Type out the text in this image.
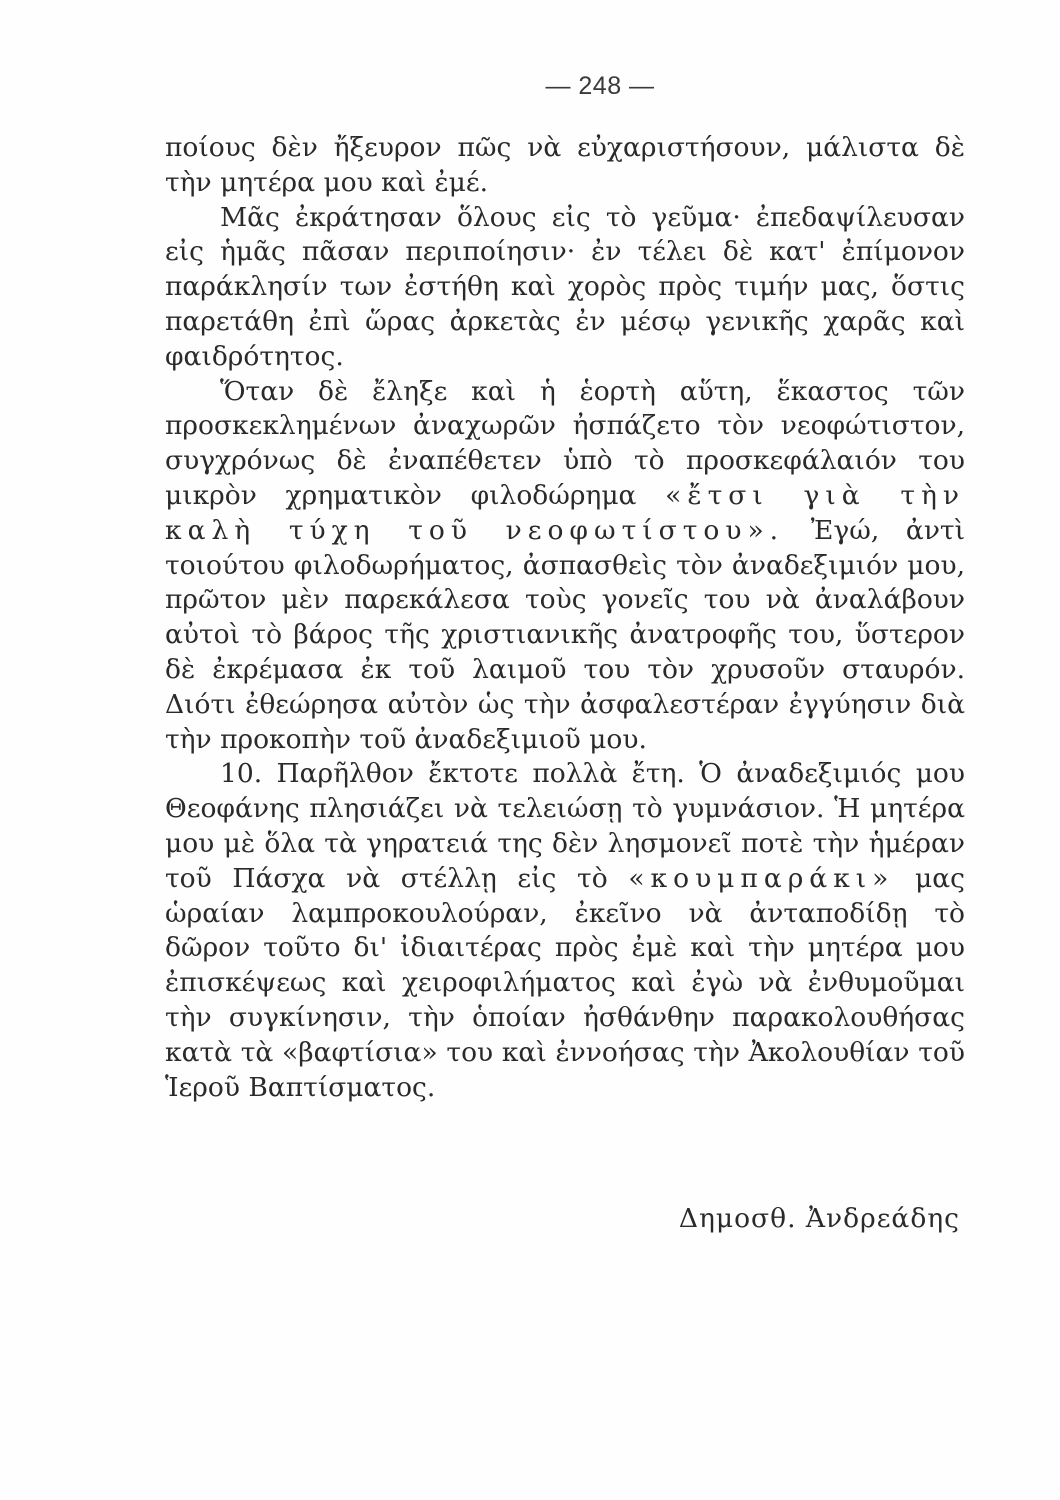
— 248 —

ποίους δὲν ἤξευρον πῶς νὰ εὐχαριστήσουν, μάλιστα δὲ τὴν μητέρα μου καὶ ἐμέ.

Μᾶς ἐκράτησαν ὅλους εἰς τὸ γεῦμα· ἐπεδαψίλευσαν εἰς ἡμᾶς πᾶσαν περιποίησιν· ἐν τέλει δὲ κατ' ἐπίμονον παράκλησίν των ἐστήθη καὶ χορὸς πρὸς τιμήν μας, ὅστις παρετάθη ἐπὶ ὥρας ἀρκετὰς ἐν μέσῳ γενικῆς χαρᾶς καὶ φαιδρότητος.

Ὅταν δὲ ἔληξε καὶ ἡ ἑορτὴ αὕτη, ἕκαστος τῶν προσκεκλημένων ἀναχωρῶν ἠσπάζετο τὸν νεοφώτιστον, συγχρόνως δὲ ἐναπέθετεν ὑπὸ τὸ προσκεφάλαιόν του μικρὸν χρηματικὸν φιλοδώρημα «ἔτσι γιὰ τὴν καλὴ τύχη τοῦ νεοφωτίστου». Ἐγώ, ἀντὶ τοιούτου φιλοδωρήματος, ἀσπασθεὶς τὸν ἀναδεξιμιόν μου, πρῶτον μὲν παρεκάλεσα τοὺς γονεῖς του νὰ ἀναλάβουν αὐτοὶ τὸ βάρος τῆς χριστιανικῆς ἀνατροφῆς του, ὕστερον δὲ ἐκρέμασα ἐκ τοῦ λαιμοῦ του τὸν χρυσοῦν σταυρόν. Διότι ἐθεώρησα αὐτὸν ὡς τὴν ἀσφαλεστέραν ἐγγύησιν διὰ τὴν προκοπὴν τοῦ ἀναδεξιμιοῦ μου.

10. Παρῆλθον ἔκτοτε πολλὰ ἔτη. Ὁ ἀναδεξιμιός μου Θεοφάνης πλησιάζει νὰ τελειώσῃ τὸ γυμνάσιον. Ἡ μητέρα μου μὲ ὅλα τὰ γηρατειά της δὲν λησμονεῖ ποτὲ τὴν ἡμέραν τοῦ Πάσχα νὰ στέλλῃ εἰς τὸ «κουμπαράκι» μας ὡραίαν λαμπροκουλούραν, ἐκεῖνο νὰ ἀνταποδίδῃ τὸ δῶρον τοῦτο δι' ἰδιαιτέρας πρὸς ἐμὲ καὶ τὴν μητέρα μου ἐπισκέψεως καὶ χειροφιλήματος καὶ ἐγὼ νὰ ἐνθυμοῦμαι τὴν συγκίνησιν, τὴν ὁποίαν ἠσθάνθην παρακολουθήσας κατὰ τὰ «βαφτίσια» του καὶ ἐννοήσας τὴν Ἀκολουθίαν τοῦ Ἱεροῦ Βαπτίσματος.

Δημοσθ. Ἀνδρεάδης
